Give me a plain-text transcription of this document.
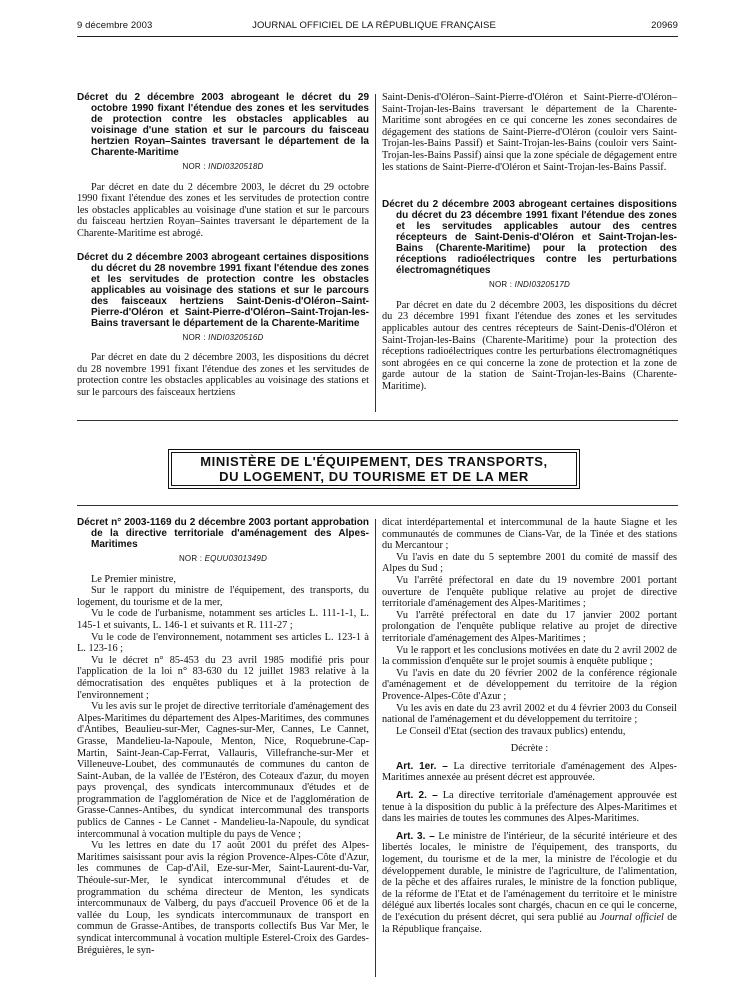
9 décembre 2003	JOURNAL OFFICIEL DE LA RÉPUBLIQUE FRANÇAISE	20969

Décret du 2 décembre 2003 abrogeant le décret du 29 octobre 1990 fixant l'étendue des zones et les servitudes de protection contre les obstacles applicables au voisinage d'une station et sur le parcours du faisceau hertzien Royan–Saintes traversant le département de la Charente-Maritime

NOR : INDI0320518D

Par décret en date du 2 décembre 2003, le décret du 29 octobre 1990 fixant l'étendue des zones et les servitudes de protection contre les obstacles applicables au voisinage d'une station et sur le parcours du faisceau hertzien Royan–Saintes traversant le département de la Charente-Maritime est abrogé.

Décret du 2 décembre 2003 abrogeant certaines dispositions du décret du 28 novembre 1991 fixant l'étendue des zones et les servitudes de protection contre les obstacles applicables au voisinage des stations et sur le parcours des faisceaux hertziens Saint-Denis-d'Oléron–Saint-Pierre-d'Oléron et Saint-Pierre-d'Oléron–Saint-Trojan-les-Bains traversant le département de la Charente-Maritime

NOR : INDI0320516D

Par décret en date du 2 décembre 2003, les dispositions du décret du 28 novembre 1991 fixant l'étendue des zones et les servitudes de protection contre les obstacles applicables au voisinage des stations et sur le parcours des faisceaux hertziens

Saint-Denis-d'Oléron–Saint-Pierre-d'Oléron et Saint-Pierre-d'Oléron–Saint-Trojan-les-Bains traversant le département de la Charente-Maritime sont abrogées en ce qui concerne les zones secondaires de dégagement des stations de Saint-Pierre-d'Oléron (couloir vers Saint-Trojan-les-Bains Passif) et Saint-Trojan-les-Bains (couloir vers Saint-Trojan-les-Bains Passif) ainsi que la zone spéciale de dégagement entre les stations de Saint-Pierre-d'Oléron et Saint-Trojan-les-Bains Passif.

Décret du 2 décembre 2003 abrogeant certaines dispositions du décret du 23 décembre 1991 fixant l'étendue des zones et les servitudes applicables autour des centres récepteurs de Saint-Denis-d'Oléron et Saint-Trojan-les-Bains (Charente-Maritime) pour la protection des réceptions radioélectriques contre les perturbations électromagnétiques

NOR : INDI0320517D

Par décret en date du 2 décembre 2003, les dispositions du décret du 23 décembre 1991 fixant l'étendue des zones et les servitudes applicables autour des centres récepteurs de Saint-Denis-d'Oléron et Saint-Trojan-les-Bains (Charente-Maritime) pour la protection des réceptions radioélectriques contre les perturbations électromagnétiques sont abrogées en ce qui concerne la zone de protection et la zone de garde autour de la station de Saint-Trojan-les-Bains (Charente-Maritime).

MINISTÈRE DE L'ÉQUIPEMENT, DES TRANSPORTS,
DU LOGEMENT, DU TOURISME ET DE LA MER

Décret n° 2003-1169 du 2 décembre 2003 portant approbation de la directive territoriale d'aménagement des Alpes-Maritimes

NOR : EQUU0301349D

Le Premier ministre,

Sur le rapport du ministre de l'équipement, des transports, du logement, du tourisme et de la mer,

Vu le code de l'urbanisme, notamment ses articles L. 111-1-1, L. 145-1 et suivants, L. 146-1 et suivants et R. 111-27 ;

Vu le code de l'environnement, notamment ses articles L. 123-1 à L. 123-16 ;

Vu le décret n° 85-453 du 23 avril 1985 modifié pris pour l'application de la loi n° 83-630 du 12 juillet 1983 relative à la démocratisation des enquêtes publiques et à la protection de l'environnement ;

Vu les avis sur le projet de directive territoriale d'aménagement des Alpes-Maritimes du département des Alpes-Maritimes, des communes d'Antibes, Beaulieu-sur-Mer, Cagnes-sur-Mer, Cannes, Le Cannet, Grasse, Mandelieu-la-Napoule, Menton, Nice, Roquebrune-Cap-Martin, Saint-Jean-Cap-Ferrat, Vallauris, Villefranche-sur-Mer et Villeneuve-Loubet, des communautés de communes du canton de Saint-Auban, de la vallée de l'Estéron, des Coteaux d'azur, du moyen pays provençal, des syndicats intercommunaux d'études et de programmation de l'agglomération de Nice et de l'agglomération de Grasse-Cannes-Antibes, du syndicat intercommunal des transports publics de Cannes - Le Cannet - Mandelieu-la-Napoule, du syndicat intercommunal à vocation multiple du pays de Vence ;

Vu les lettres en date du 17 août 2001 du préfet des Alpes-Maritimes saisissant pour avis la région Provence-Alpes-Côte d'Azur, les communes de Cap-d'Ail, Eze-sur-Mer, Saint-Laurent-du-Var, Théoule-sur-Mer, le syndicat intercommunal d'études et de programmation du schéma directeur de Menton, les syndicats intercommunaux de Valberg, du pays d'accueil Provence 06 et de la vallée du Loup, les syndicats intercommunaux de transport en commun de Grasse-Antibes, de transports collectifs Bus Var Mer, le syndicat intercommunal à vocation multiple Esterel-Croix des Gardes-Bréguières, le syn-

dicat interdépartemental et intercommunal de la haute Siagne et les communautés de communes de Cians-Var, de la Tinée et des stations du Mercantour ;

Vu l'avis en date du 5 septembre 2001 du comité de massif des Alpes du Sud ;

Vu l'arrêté préfectoral en date du 19 novembre 2001 portant ouverture de l'enquête publique relative au projet de directive territoriale d'aménagement des Alpes-Maritimes ;

Vu l'arrêté préfectoral en date du 17 janvier 2002 portant prolongation de l'enquête publique relative au projet de directive territoriale d'aménagement des Alpes-Maritimes ;

Vu le rapport et les conclusions motivées en date du 2 avril 2002 de la commission d'enquête sur le projet soumis à enquête publique ;

Vu l'avis en date du 20 février 2002 de la conférence régionale d'aménagement et de développement du territoire de la région Provence-Alpes-Côte d'Azur ;

Vu les avis en date du 23 avril 2002 et du 4 février 2003 du Conseil national de l'aménagement et du développement du territoire ;

Le Conseil d'Etat (section des travaux publics) entendu,

Décrète :

Art. 1er. – La directive territoriale d'aménagement des Alpes-Maritimes annexée au présent décret est approuvée.

Art. 2. – La directive territoriale d'aménagement approuvée est tenue à la disposition du public à la préfecture des Alpes-Maritimes et dans les mairies de toutes les communes des Alpes-Maritimes.

Art. 3. – Le ministre de l'intérieur, de la sécurité intérieure et des libertés locales, le ministre de l'équipement, des transports, du logement, du tourisme et de la mer, la ministre de l'écologie et du développement durable, le ministre de l'agriculture, de l'alimentation, de la pêche et des affaires rurales, le ministre de la fonction publique, de la réforme de l'Etat et de l'aménagement du territoire et le ministre délégué aux libertés locales sont chargés, chacun en ce qui le concerne, de l'exécution du présent décret, qui sera publié au Journal officiel de la République française.
